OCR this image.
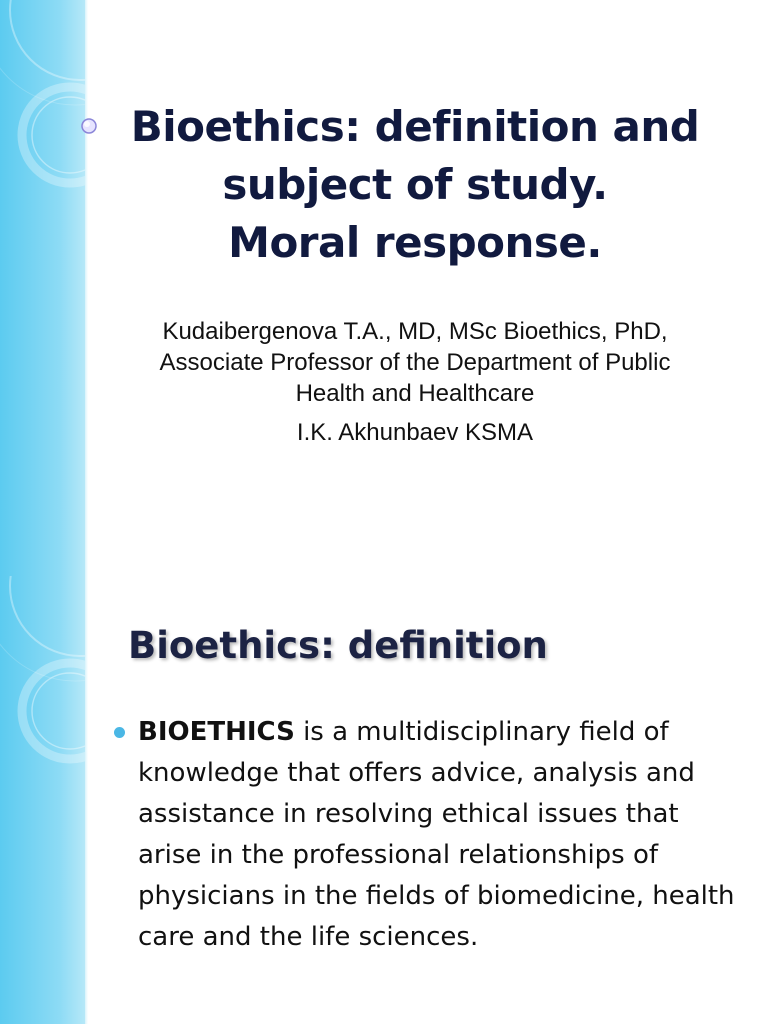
Bioethics: definition and
subject of study.
Moral response.

Kudaibergenova T.A., MD, MSc Bioethics, PhD,
Associate Professor of the Department of Public
Health and Healthcare

I.K. Akhunbaev KSMA

Bioethics: definition
BIOETHICS is a multidisciplinary field of knowledge that offers advice, analysis and assistance in resolving ethical issues that arise in the professional relationships of physicians in the fields of biomedicine, health care and the life sciences.
